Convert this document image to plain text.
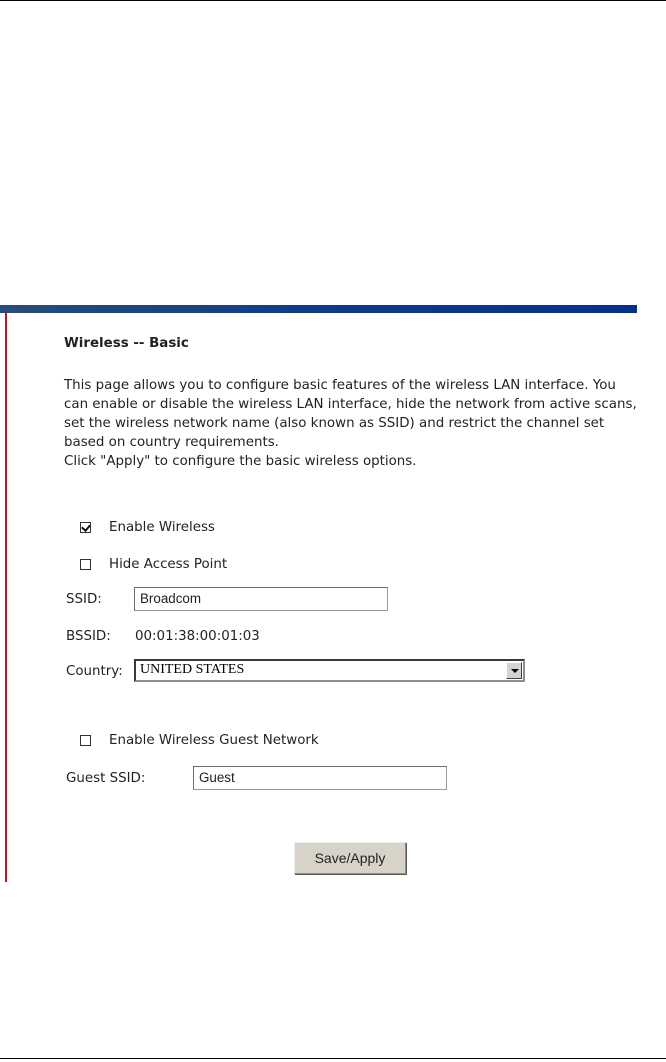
Wireless -- Basic
This page allows you to configure basic features of the wireless LAN interface. You
can enable or disable the wireless LAN interface, hide the network from active scans,
set the wireless network name (also known as SSID) and restrict the channel set
based on country requirements.
Click "Apply" to configure the basic wireless options.
Enable Wireless
Hide Access Point
SSID:	Broadcom
BSSID: 00:01:38:00:01:03
Country:	UNITED STATES
Enable Wireless Guest Network
Guest SSID:	Guest
Save/Apply
